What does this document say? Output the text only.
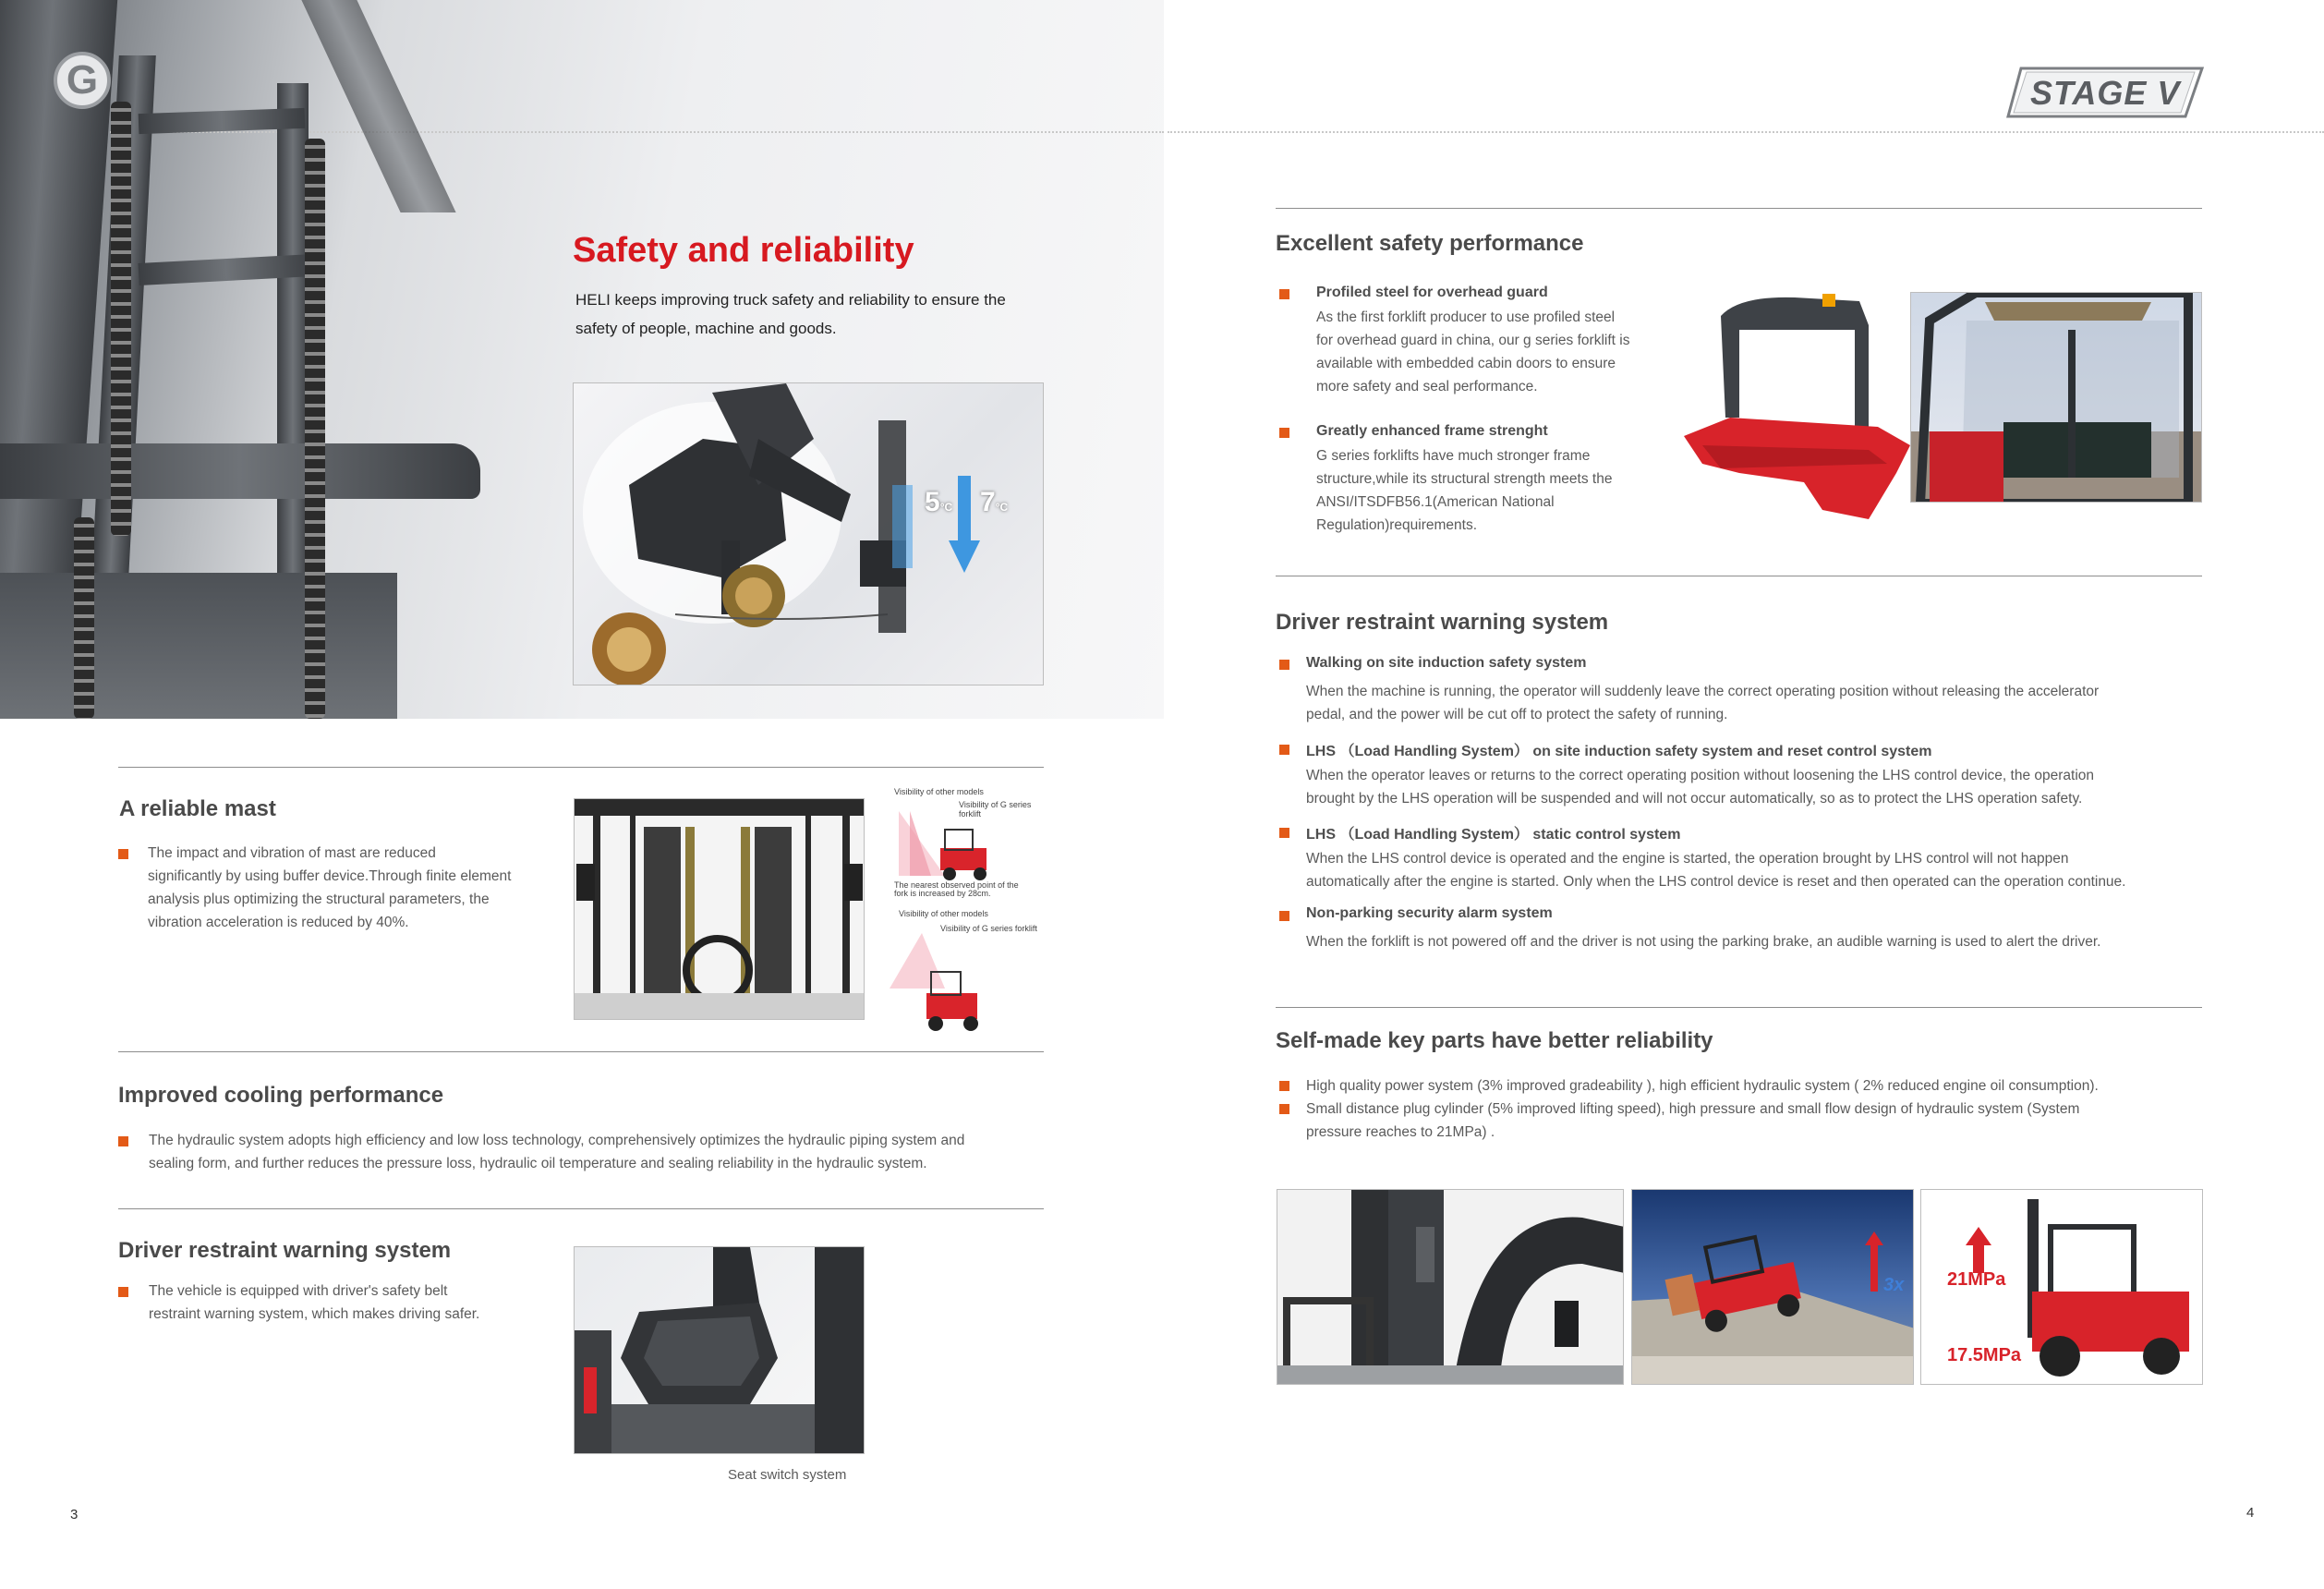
G
Safety and reliability
HELI keeps improving truck safety and reliability to ensure the
safety of people, machine and goods.
5°C 7°C
A reliable mast
The impact and vibration of mast are reduced
significantly by using buffer device.Through finite element
analysis plus optimizing the structural parameters, the
vibration acceleration is reduced by 40%.
Visibility of other models
Visibility of G series forklift
The nearest observed point of the
fork is increased by 28cm.
Visibility of other models
Visibility of G series forklift
Improved cooling performance
The hydraulic system adopts high efficiency and low loss technology, comprehensively optimizes the hydraulic piping system and
sealing form, and further reduces the pressure loss, hydraulic oil temperature and sealing reliability in the hydraulic system.
Driver restraint warning system
The vehicle is equipped with driver's safety belt
restraint warning system, which makes driving safer.
Seat switch system
3
STAGE V
Excellent safety performance
Profiled steel for overhead guard
As the first forklift producer to use profiled steel
for overhead guard in china, our g series forklift is
available with embedded cabin doors to ensure
more safety and seal performance.
Greatly enhanced frame strenght
G series forklifts have much stronger frame
structure,while its structural strength meets the
ANSI/ITSDFB56.1(American National
Regulation)requirements.
Driver restraint warning system
Walking on site induction safety system
When the machine is running, the operator will suddenly leave the correct operating position without releasing the accelerator
pedal, and the power will be cut off to protect the safety of running.
LHS （Load Handling System） on site induction safety system and reset control system
When the operator leaves or returns to the correct operating position without loosening the LHS control device, the operation
brought by the LHS operation will be suspended and will not occur automatically, so as to protect the LHS operation safety.
LHS （Load Handling System） static control system
When the LHS control device is operated and the engine is started, the operation brought by LHS control will not happen
automatically after the engine is started. Only when the LHS control device is reset and then operated can the operation continue.
Non-parking security alarm system
When the forklift is not powered off and the driver is not using the parking brake, an audible warning is used to alert the driver.
Self-made key parts have better reliability
High quality power system (3% improved gradeability ), high efficient hydraulic system ( 2% reduced engine oil consumption).
Small distance plug cylinder (5% improved lifting speed), high pressure and small flow design of hydraulic system (System
pressure reaches to 21MPa) .
3x 21MPa
17.5MPa
4
